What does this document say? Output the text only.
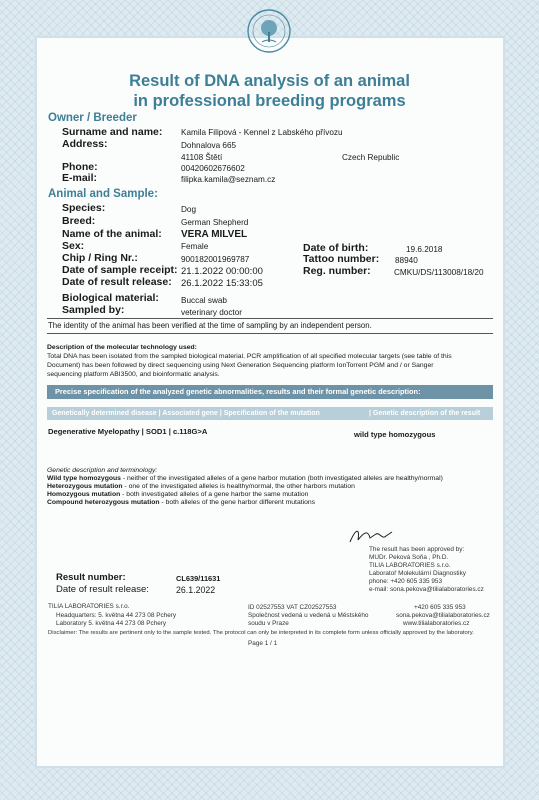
Result of DNA analysis of an animal
in professional breeding programs
Owner / Breeder
Surname and name: Kamila Filipová - Kennel z Labského přívozu
Address:	Dohnalova 665
41108 Štětí	Czech Republic
Phone:	00420602676602
E-mail:	filipka.kamila@seznam.cz
Animal and Sample:
Species:	Dog
Breed:	German Shepherd
Name of the animal: VERA MILVEL
Sex:	Female	Date of birth:	19.6.2018
Chip / Ring Nr.:	900182001969787	Tattoo number: 88940
Date of sample receipt: 21.1.2022 00:00:00	Reg. number:	CMKU/DS/113008/18/20
Date of result release: 26.1.2022 15:33:05
Biological material:	Buccal swab
Sampled by:	veterinary doctor
The identity of the animal has been verified at the time of sampling by an independent person.
Description of the molecular technology used:
Total DNA has been isolated from the sampled biological material. PCR amplification of all specified molecular targets (see table of this
Document) has been followed by direct sequencing using Next Generation Sequencing platform IonTorrent PGM and / or Sanger
sequencing platform ABI3500, and bioinformatic analysis.
Precise specification of the analyzed genetic abnormalities, results and their formal genetic description:
Genetically determined disease | Associated gene | Specification of the mutation	| Genetic description of the result
Degenerative Myelopathy | SOD1 | c.118G>A	wild type homozygous
Genetic description and terminology:
Wild type homozygous - neither of the investigated alleles of a gene harbor mutation (both investigated alleles are healthy/normal)
Heterozygous mutation - one of the investigated alleles is healthy/normal, the other harbors mutation
Homozygous mutation - both investigated alleles of a gene harbor the same mutation
Compound heterozygous mutation - both alleles of the gene harbor different mutations
The result has been approved by:
MUDr. Peková Soňa , Ph.D.
TILIA LABORATORIES s.r.o.
Laboratoř Molekulární Diagnostiky
phone: +420 605 335 953
e-mail: sona.pekova@tilialaboratories.cz
Result number:	CL639/11631
Date of result release:	26.1.2022
TILIA LABORATORIES s.r.o.
Headquarters: 5. května 44 273 08 Pchery
Laboratory 5. května 44 273 08 Pchery
ID 02527553 VAT CZ02527553
Společnost vedená u vedená u Městského
soudu v Praze
+420 605 335 953
sona.pekova@tilialaboratories.cz
www.tilialaboratories.cz
Disclaimer: The results are pertinent only to the sample tested. The protocol can only be interpreted in its complete form unless officially approved by the laboratory.
Page 1 / 1
